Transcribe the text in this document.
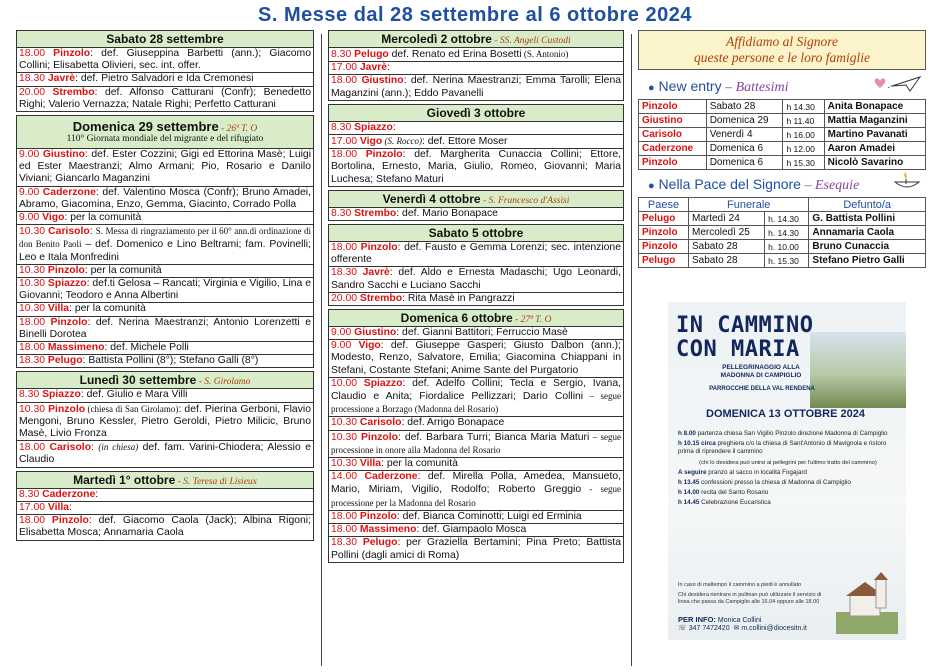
S. Messe dal 28 settembre al 6 ottobre 2024
Sabato 28 settembre
18.00 Pinzolo: def. Giuseppina Barbetti (ann.); Giacomo Collini; Elisabetta Olivieri, sec. int. offer.
18.30 Javrè: def. Pietro Salvadori e Ida Cremonesi
20.00 Strembo: def. Alfonso Catturani (Confr); Benedetto Righi; Valerio Vernazza; Natale Righi; Perfetto Catturani
Domenica 29 settembre - 26ª T. O
110° Giornata mondiale del migrante e del rifugiato
9.00 Giustino: def. Ester Cozzini; Gigi ed Ettorina Masè; Luigi ed Ester Maestranzi; Almo Armani; Pio, Rosario e Danilo Viviani; Giancarlo Maganzini
9.00 Caderzone: def. Valentino Mosca (Confr); Bruno Amadei, Abramo, Giacomina, Enzo, Gemma, Giacinto, Corrado Polla
9.00 Vigo: per la comunità
10.30 Carisolo: S. Messa di ringraziamento per il 60° ann.di ordinazione di don Benito Paoli – def. Domenico e Lino Beltrami; fam. Povinelli; Leo e Itala Monfredini
10.30 Pinzolo: per la comunità
10.30 Spiazzo: def.ti Gelosa – Rancati; Virginia e Vigilio, Lina e Giovanni; Teodoro e Anna Albertini
10.30 Villa: per la comunità
18.00 Pinzolo: def. Nerina Maestranzi; Antonio Lorenzetti e Binelli Dorotea
18.00 Massimeno: def. Michele Polli
18.30 Pelugo: Battista Pollini (8°); Stefano Galli (8°)
Lunedì 30 settembre - S. Girolamo
8.30 Spiazzo: def. Giulio e Mara Villi
10.30 Pinzolo (chiesa di San Girolamo): def. Pierina Gerboni, Flavio Mengoni, Bruno Kessler, Pietro Geroldi, Pietro Milicic, Bruno Masè, Livio Fronza
18.00 Carisolo: (in chiesa) def. fam. Varini-Chiodera; Alessio e Claudio
Martedì 1° ottobre - S. Teresa di Lisieux
8.30 Caderzone:
17.00 Villa:
18.00 Pinzolo: def. Giacomo Caola (Jack); Albina Rigoni; Elisabetta Mosca; Annamaria Caola
Mercoledì 2 ottobre - SS. Angeli Custodi
8.30 Pelugo def. Renato ed Erina Bosetti (S. Antonio)
17.00 Javrè:
18.00 Giustino: def. Nerina Maestranzi; Emma Tarolli; Elena Maganzini (ann.); Eddo Pavanelli
Giovedì 3 ottobre
8.30 Spiazzo:
17.00 Vigo (S. Rocco): def. Ettore Moser
18.00 Pinzolo: def. Margherita Cunaccia Collini; Ettore, Bortolina, Ernesto, Maria, Giulio, Romeo, Giovanni; Maria Luchesa; Stefano Maturi
Venerdì 4 ottobre - S. Francesco d'Assisi
8.30 Strembo: def. Mario Bonapace
Sabato 5 ottobre
18.00 Pinzolo: def. Fausto e Gemma Lorenzi; sec. intenzione offerente
18.30 Javrè: def. Aldo e Ernesta Madaschi; Ugo Leonardi, Sandro Sacchi e Luciano Sacchi
20.00 Strembo: Rita Masè in Pangrazzi
Domenica 6 ottobre - 27ª T. O
9.00 Giustino: def. Gianni Battitori; Ferruccio Masè
9.00 Vigo: def. Giuseppe Gasperi; Giusto Dalbon (ann.); Modesto, Renzo, Salvatore, Emilia; Giacomina Chiappani in Stefani, Costante Stefani; Anime Sante del Purgatorio
10.00 Spiazzo: def. Adelfo Collini; Tecla e Sergio, Ivana, Claudio e Anita; Fiordalice Pellizzari; Dario Collini – segue processione a Borzago (Madonna del Rosario)
10.30 Carisolo: def. Arrigo Bonapace
10.30 Pinzolo: def. Barbara Turri; Bianca Maria Maturi – segue processione in onore alla Madonna del Rosario
10.30 Villa: per la comunità
14.00 Caderzone: def. Mirella Polla, Amedea, Mansueto, Mario, Miriam, Vigilio, Rodolfo; Roberto Greggio - segue processione per la Madonna del Rosario
18.00 Pinzolo: def. Bianca Cominotti; Luigi ed Erminia
18.00 Massimeno: def. Giampaolo Mosca
18.30 Pelugo: per Graziella Bertamini; Pina Preto; Battista Pollini (dagli amici di Roma)
Affidiamo al Signore
queste persone e le loro famiglie
● New entry – Battesimi
Pinzolo	Sabato 28	h 14.30	Anita Bonapace
Giustino	Domenica 29	h 11.40	Mattia Maganzini
Carisolo	Venerdì 4	h 16.00	Martino Pavanati
Caderzone	Domenica 6	h 12.00	Aaron Amadei
Pinzolo	Domenica 6	h 15.30	Nicolò Savarino
● Nella Pace del Signore – Esequie
Paese	Funerale		Defunto/a
Pelugo	Martedì 24	h. 14.30	G. Battista Pollini
Pinzolo	Mercoledì 25	h. 14.30	Annamaria Caola
Pinzolo	Sabato 28	h. 10.00	Bruno Cunaccia
Pelugo	Sabato 28	h. 15.30	Stefano Pietro Galli
IN CAMMINO
CON MARIA
PELLEGRINAGGIO ALLA MADONNA DI CAMPIGLIO
PARROCCHIE DELLA VAL RENDENA
DOMENICA 13 OTTOBRE 2024
h 8.00 partenza chiesa San Vigilio Pinzolo direzione Madonna di Campiglio
h 10.15 circa preghiera c/o la chiesa di Sant'Antonio di Mavignola e ristoro prima di riprendere il cammino
(chi lo desidera può unirsi ai pellegrini per l'ultimo tratto del cammino)
A seguire pranzo al sacco in località Fogajard
h 13.45 confessioni presso la chiesa di Madonna di Campiglio
h 14.00 recita del Santo Rosario
h 14.45 Celebrazione Eucaristica
In caso di maltempo il cammino a piedi è annullato
Chi desidera rientrare in pullman può utilizzare il servizio di linea che passa da Campiglio alle 16.04 oppure alle 18.00
PER INFO: Monica Collini
☏ 347 7472420 ✉ m.collini@diocesitn.it
